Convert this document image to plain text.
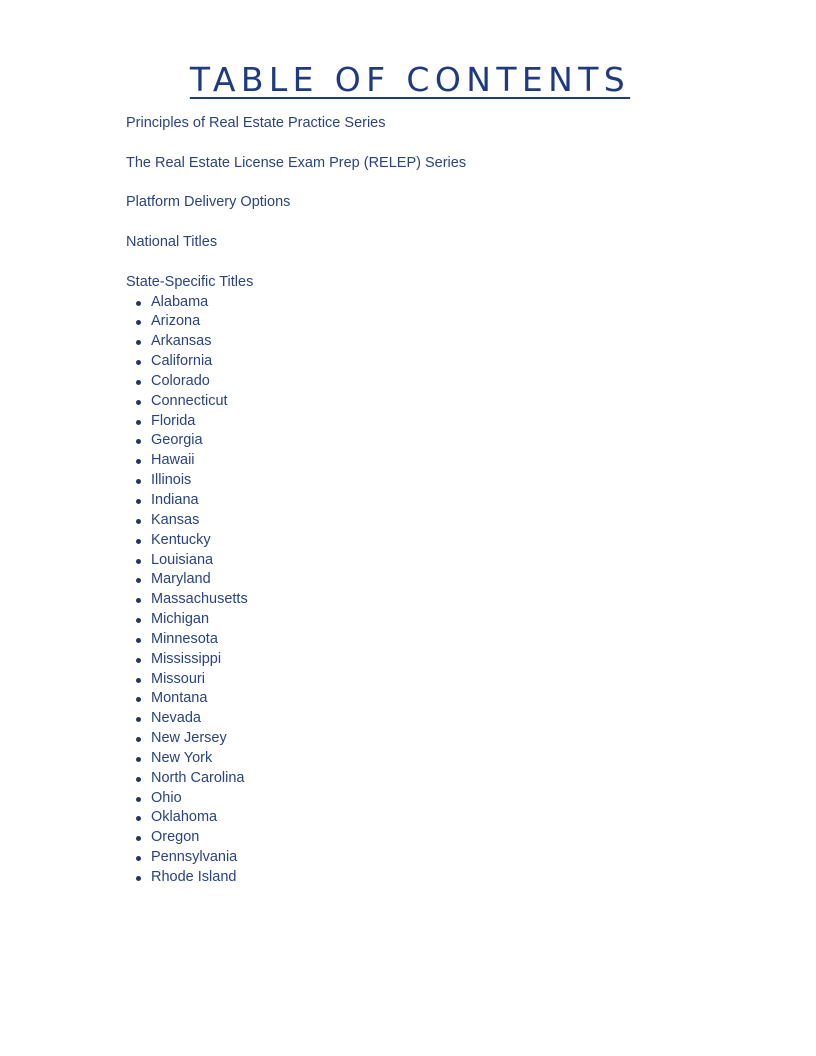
TABLE OF CONTENTS
Principles of Real Estate Practice Series
The Real Estate License Exam Prep (RELEP) Series
Platform Delivery Options
National Titles
State-Specific Titles
Alabama
Arizona
Arkansas
California
Colorado
Connecticut
Florida
Georgia
Hawaii
Illinois
Indiana
Kansas
Kentucky
Louisiana
Maryland
Massachusetts
Michigan
Minnesota
Mississippi
Missouri
Montana
Nevada
New Jersey
New York
North Carolina
Ohio
Oklahoma
Oregon
Pennsylvania
Rhode Island
